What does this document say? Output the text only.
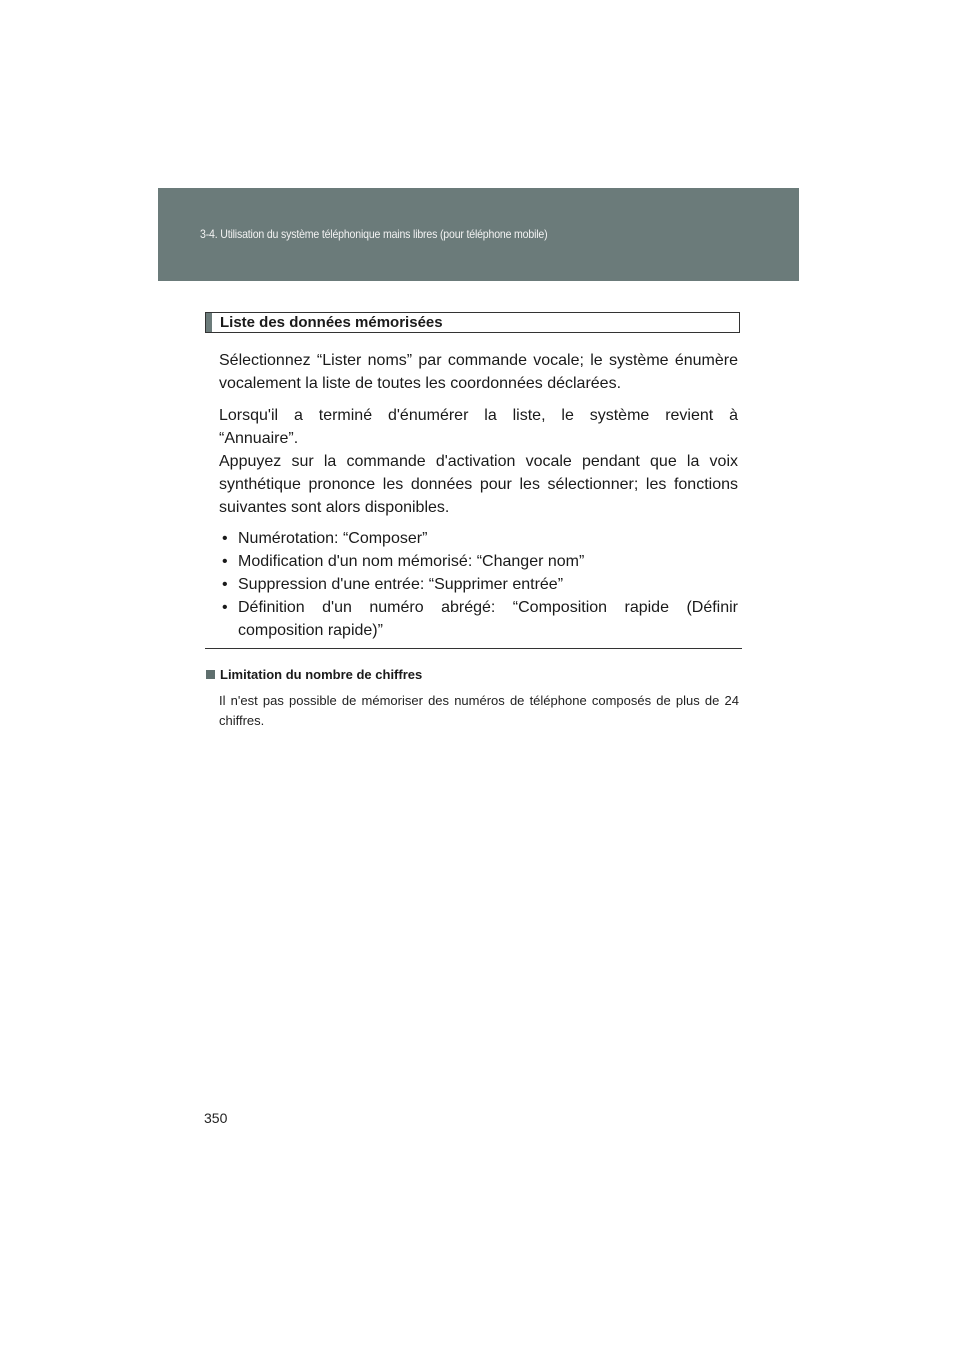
3-4. Utilisation du système téléphonique mains libres (pour téléphone mobile)
Liste des données mémorisées

Sélectionnez “Lister noms” par commande vocale; le système énumère vocalement la liste de toutes les coordonnées déclarées.

Lorsqu'il a terminé d'énumérer la liste, le système revient à
“Annuaire”.

Appuyez sur la commande d'activation vocale pendant que la voix synthétique prononce les données pour les sélectionner; les fonctions suivantes sont alors disponibles.

• Numérotation: “Composer”
• Modification d'un nom mémorisé: “Changer nom”
• Suppression d'une entrée: “Supprimer entrée”
• Définition d'un numéro abrégé: “Composition rapide (Définir composition rapide)”
Limitation du nombre de chiffres

Il n'est pas possible de mémoriser des numéros de téléphone composés de plus de 24 chiffres.

350
